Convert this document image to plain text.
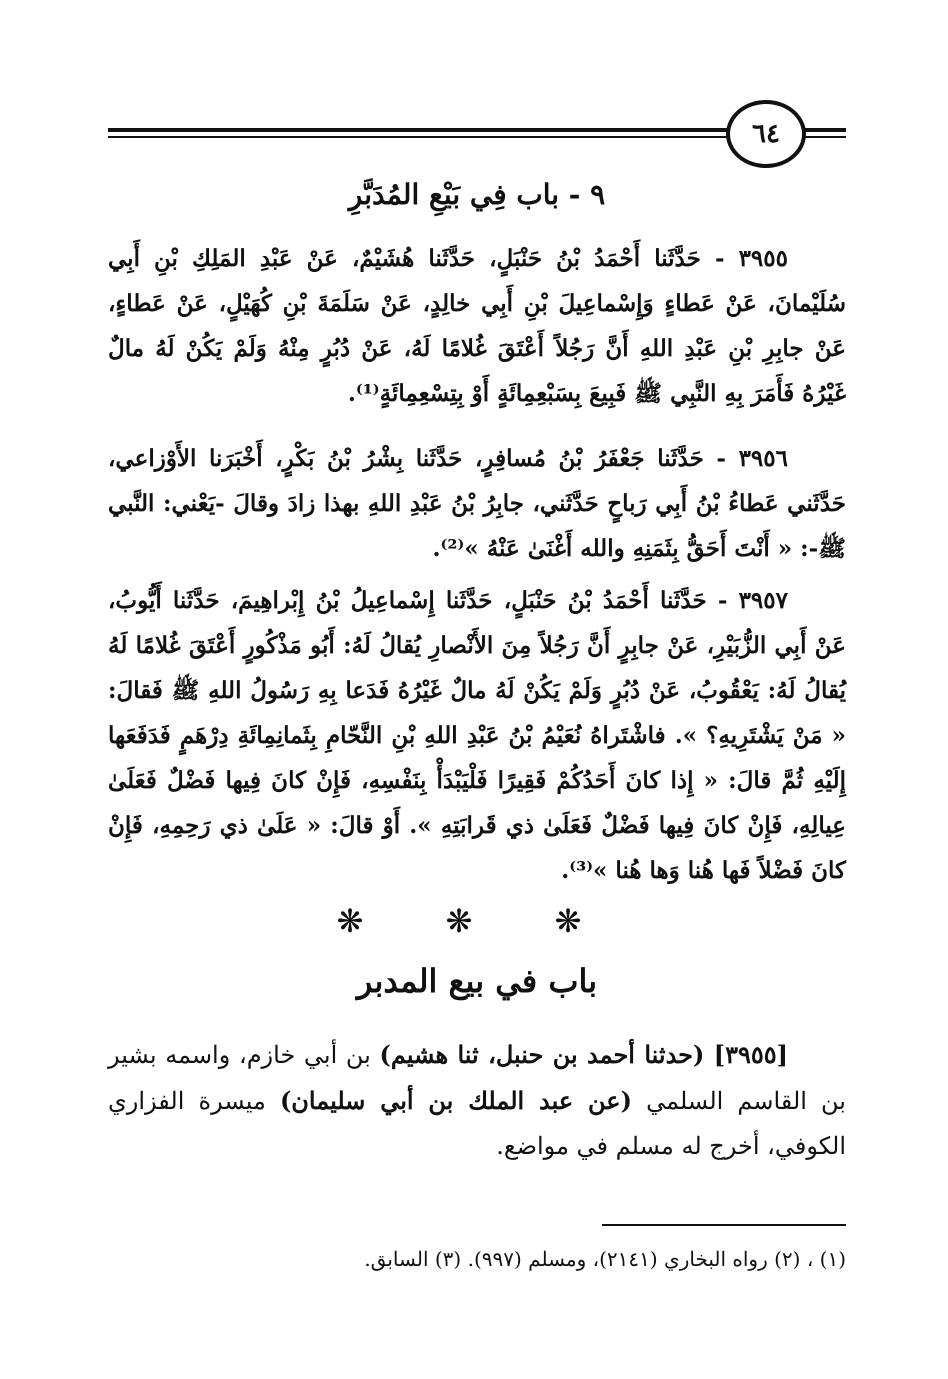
٦٤
٩ - باب فِي بَيْعِ المُدَبَّرِ

٣٩٥٥ - حَدَّثَنا أَحْمَدُ بْنُ حَنْبَلٍ، حَدَّثَنا هُشَيْمٌ، عَنْ عَبْدِ المَلِكِ بْنِ أَبِي سُلَيْمانَ، عَنْ عَطاءٍ وَإِسْماعِيلَ بْنِ أَبِي خالِدٍ، عَنْ سَلَمَةَ بْنِ كُهَيْلٍ، عَنْ عَطاءٍ، عَنْ جابِرِ بْنِ عَبْدِ اللهِ أَنَّ رَجُلاً أَعْتَقَ غُلامًا لَهُ، عَنْ دُبُرٍ مِنْهُ وَلَمْ يَكُنْ لَهُ مالٌ غَيْرُهُ فَأَمَرَ بِهِ النَّبِي ﷺ فَبِيعَ بِسَبْعِمِائَةٍ أَوْ بِتِسْعِمِائَةٍ⁽¹⁾.

٣٩٥٦ - حَدَّثَنا جَعْفَرُ بْنُ مُسافِرٍ، حَدَّثَنا بِشْرُ بْنُ بَكْرٍ، أَخْبَرَنا الأَوْزاعي، حَدَّثَني عَطاءُ بْنُ أَبِي رَباحٍ حَدَّثَني، جابِرُ بْنُ عَبْدِ اللهِ بهذا زادَ وقالَ -يَعْني: النَّبي ﷺ-: « أَنْتَ أَحَقُّ بِثَمَنِهِ والله أَغْنَىٰ عَنْهُ »⁽²⁾.

٣٩٥٧ - حَدَّثَنا أَحْمَدُ بْنُ حَنْبَلٍ، حَدَّثَنا إِسْماعِيلُ بْنُ إِبْراهِيمَ، حَدَّثَنا أَيُّوبُ، عَنْ أَبِي الزُّبَيْرِ، عَنْ جابِرٍ أَنَّ رَجُلاً مِنَ الأَنْصارِ يُقالُ لَهُ: أَبُو مَذْكُورٍ أَعْتَقَ غُلامًا لَهُ يُقالُ لَهُ: يَعْقُوبُ، عَنْ دُبُرٍ وَلَمْ يَكُنْ لَهُ مالٌ غَيْرُهُ فَدَعا بِهِ رَسُولُ اللهِ ﷺ فَقالَ: « مَنْ يَشْتَرِيهِ؟ ». فاشْتَراهُ نُعَيْمُ بْنُ عَبْدِ اللهِ بْنِ النَّحّامِ بِثَمانِمِائَةِ دِرْهَمٍ فَدَفَعَها إِلَيْهِ ثُمَّ قالَ: « إِذا كانَ أَحَدُكُمْ فَقِيرًا فَلْيَبْدَأْ بِنَفْسِهِ، فَإِنْ كانَ فِيها فَضْلٌ فَعَلَىٰ عِيالِهِ، فَإِنْ كانَ فِيها فَضْلٌ فَعَلَىٰ ذي قَرابَتِهِ ». أَوْ قالَ: « عَلَىٰ ذي رَحِمِهِ، فَإِنْ كانَ فَضْلاً فَها هُنا وَها هُنا »⁽³⁾.

❋ ❋ ❋
باب في بيع المدبر

[٣٩٥٥] (حدثنا أحمد بن حنبل، ثنا هشيم) بن أبي خازم، واسمه بشير بن القاسم السلمي (عن عبد الملك بن أبي سليمان) ميسرة الفزاري الكوفي، أخرج له مسلم في مواضع.

(١) ، (٢) رواه البخاري (٢١٤١)، ومسلم (٩٩٧). (٣) السابق.
